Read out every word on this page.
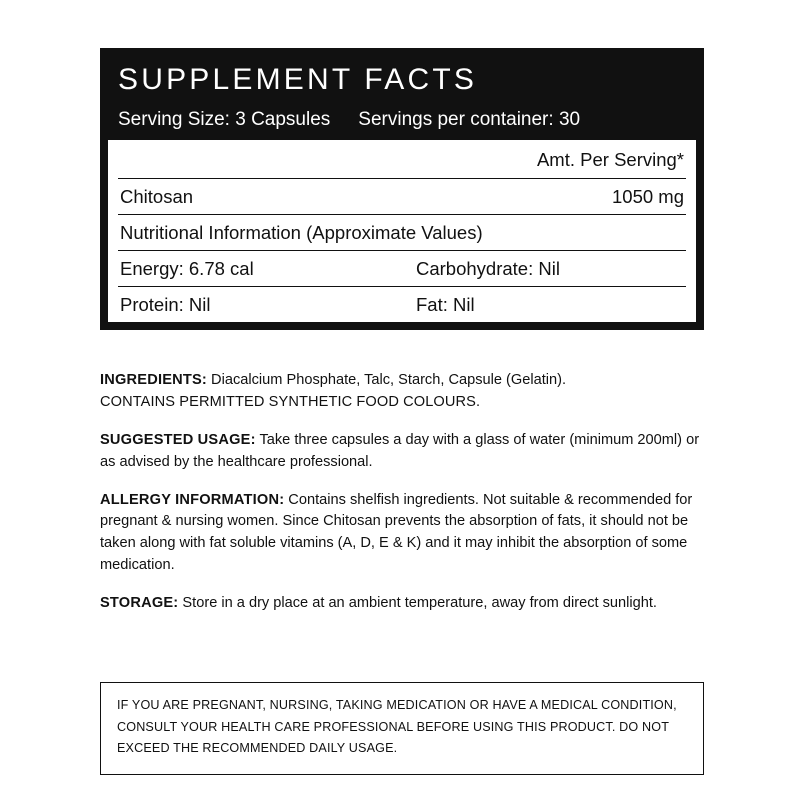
SUPPLEMENT FACTS
Serving Size: 3 Capsules Servings per container: 30
Amt. Per Serving*
Chitosan	1050 mg
Nutritional Information (Approximate Values)
Energy: 6.78 cal	Carbohydrate: Nil
Protein: Nil	Fat: Nil

INGREDIENTS: Diacalcium Phosphate, Talc, Starch, Capsule (Gelatin).
CONTAINS PERMITTED SYNTHETIC FOOD COLOURS.

SUGGESTED USAGE: Take three capsules a day with a glass of water (minimum 200ml) or as advised by the healthcare professional.

ALLERGY INFORMATION: Contains shelfish ingredients. Not suitable & recommended for pregnant & nursing women. Since Chitosan prevents the absorption of fats, it should not be taken along with fat soluble vitamins (A, D, E & K) and it may inhibit the absorption of some medication.

STORAGE: Store in a dry place at an ambient temperature, away from direct sunlight.

IF YOU ARE PREGNANT, NURSING, TAKING MEDICATION OR HAVE A MEDICAL CONDITION,
CONSULT YOUR HEALTH CARE PROFESSIONAL BEFORE USING THIS PRODUCT. DO NOT
EXCEED THE RECOMMENDED DAILY USAGE.
